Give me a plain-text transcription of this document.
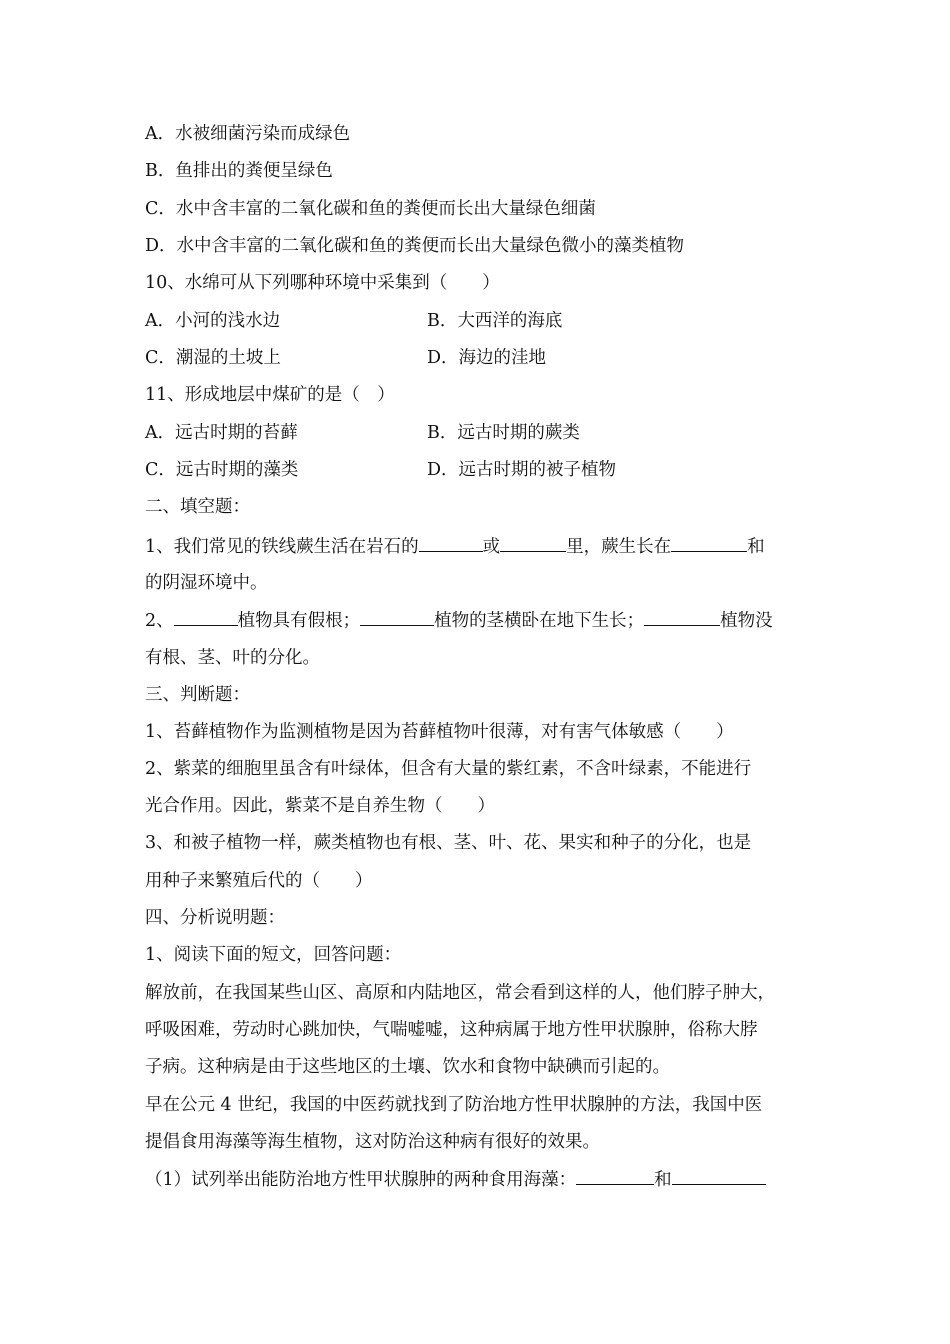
A．水被细菌污染而成绿色
B．鱼排出的粪便呈绿色
C．水中含丰富的二氧化碳和鱼的粪便而长出大量绿色细菌
D．水中含丰富的二氧化碳和鱼的粪便而长出大量绿色微小的藻类植物
10、水绵可从下列哪种环境中采集到（　　）
A．小河的浅水边	B．大西洋的海底
C．潮湿的土坡上	D．海边的洼地
11、形成地层中煤矿的是（　）
A．远古时期的苔藓	B．远古时期的蕨类
C．远古时期的藻类	D．远古时期的被子植物
二、填空题：
1、我们常见的铁线蕨生活在岩石的	或	里，蕨生长在	和
的阴湿环境中。
2、	植物具有假根；	植物的茎横卧在地下生长；	植物没
有根、茎、叶的分化。
三、判断题：
1、苔藓植物作为监测植物是因为苔藓植物叶很薄，对有害气体敏感（　　）
2、紫菜的细胞里虽含有叶绿体，但含有大量的紫红素，不含叶绿素，不能进行
光合作用。因此，紫菜不是自养生物（　　）
3、和被子植物一样，蕨类植物也有根、茎、叶、花、果实和种子的分化，也是
用种子来繁殖后代的（　　）
四、分析说明题：
1、阅读下面的短文，回答问题：
解放前，在我国某些山区、高原和内陆地区，常会看到这样的人，他们脖子肿大，
呼吸困难，劳动时心跳加快，气喘嘘嘘，这种病属于地方性甲状腺肿，俗称大脖
子病。这种病是由于这些地区的土壤、饮水和食物中缺碘而引起的。
早在公元 4 世纪，我国的中医药就找到了防治地方性甲状腺肿的方法，我国中医
提倡食用海藻等海生植物，这对防治这种病有很好的效果。
（1）试列举出能防治地方性甲状腺肿的两种食用海藻：	和
